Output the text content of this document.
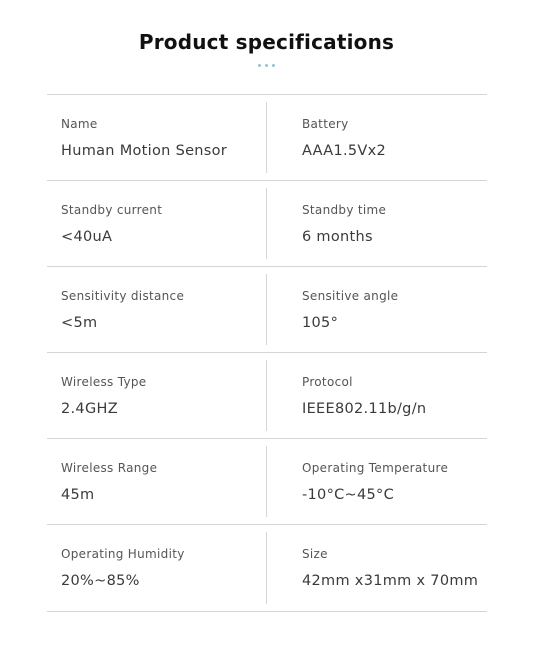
Product specifications
Name
Human Motion Sensor
Battery
AAA1.5Vx2
Standby current
<40uA
Standby time
6 months
Sensitivity distance
<5m
Sensitive angle
105°
Wireless Type
2.4GHZ
Protocol
IEEE802.11b/g/n
Wireless Range
45m
Operating Temperature
-10°C~45°C
Operating Humidity
20%~85%
Size
42mm x31mm x 70mm
